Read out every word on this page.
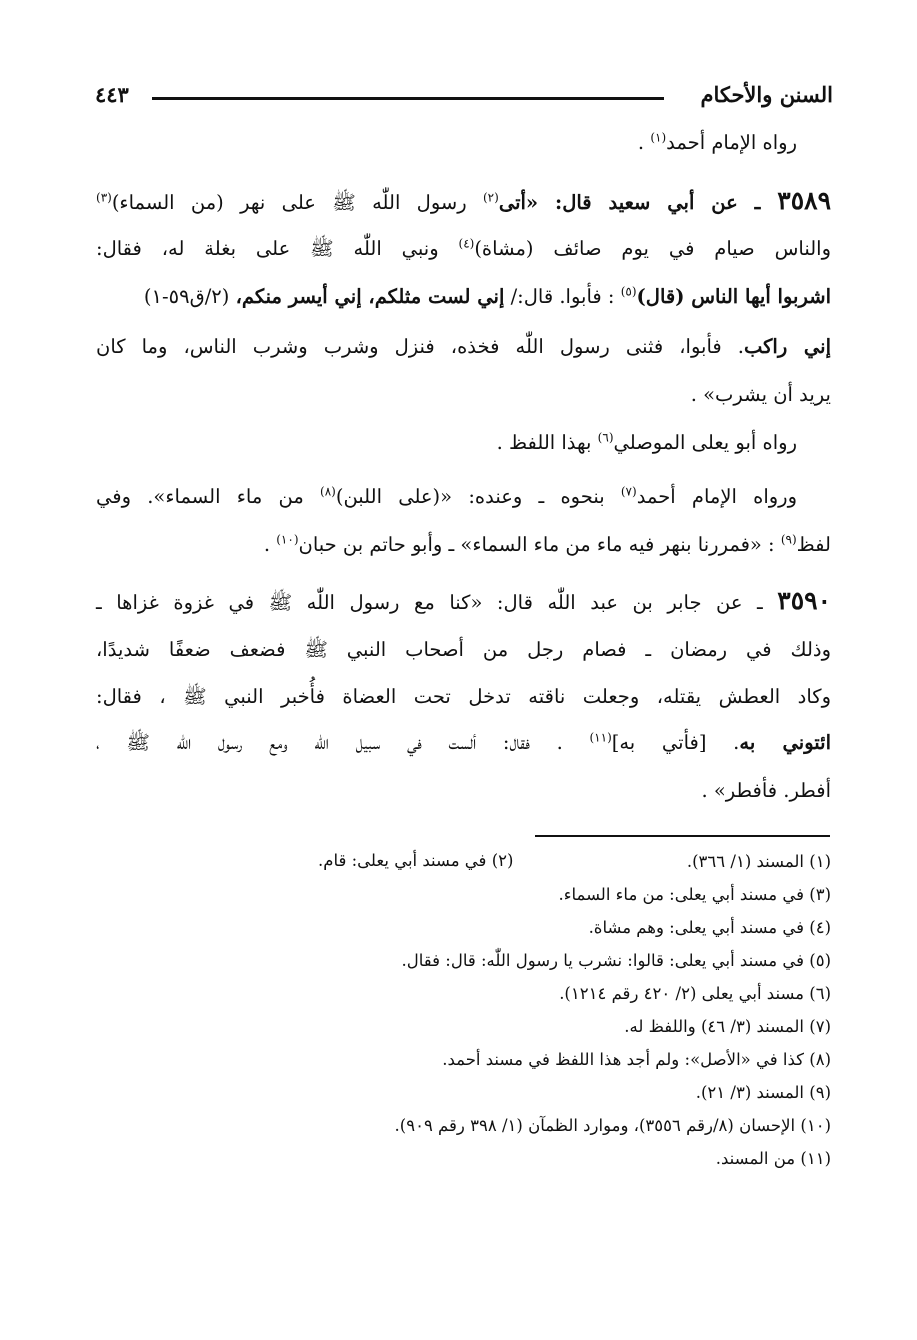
السنن والأحكام
٤٤٣
رواه الإمام أحمد$^{(١)}$ .
٣٥٨٩ ـ عن أبي سعيد قال: «أتى$^{(٢)}$ رسول اللّٰه ﷺ على نهر (من السماء)$^{(٣)}$
والناس صيام في يوم صائف (مشاة)$^{(٤)}$ ونبي اللّٰه ﷺ على بغلة له، فقال:
اشربوا أيها الناس (قال)$^{(٥)}$ : فأبوا. قال:/ إني لست مثلكم، إني أيسر منكم، (٢/ق٥٩-١)
إني راكب. فأبوا، فثنى رسول اللّٰه فخذه، فنزل وشرب وشرب الناس، وما كان
يريد أن يشرب» .
رواه أبو يعلى الموصلي$^{(٦)}$ بهذا اللفظ .
ورواه الإمام أحمد$^{(٧)}$ بنحوه ـ وعنده: «(على اللبن)$^{(٨)}$ من ماء السماء». وفي
لفظ$^{(٩)}$ : «فمررنا بنهر فيه ماء من ماء السماء» ـ وأبو حاتم بن حبان$^{(١٠)}$ .
٣٥٩٠ ـ عن جابر بن عبد اللّٰه قال: «كنا مع رسول اللّٰه ﷺ في غزوة غزاها ـ
وذلك في رمضان ـ فصام رجل من أصحاب النبي ﷺ فضعف ضعفًا شديدًا،
وكاد العطش يقتله، وجعلت ناقته تدخل تحت العضاة فأُخبر النبي ﷺ ، فقال:
ائتوني به. [فأتي به]$^{(١١)}$ . فقال: ألست في سبيل اللّٰه ومع رسول اللّٰه ﷺ ،
أفطر. فأفطر» .
(١) المسند (١/ ٣٦٦).
(٢) في مسند أبي يعلى: قام.
(٣) في مسند أبي يعلى: من ماء السماء.
(٤) في مسند أبي يعلى: وهم مشاة.
(٥) في مسند أبي يعلى: قالوا: نشرب يا رسول اللّٰه: قال: فقال.
(٦) مسند أبي يعلى (٢/ ٤٢٠ رقم ١٢١٤).
(٧) المسند (٣/ ٤٦) واللفظ له.
(٨) كذا في «الأصل»: ولم أجد هذا اللفظ في مسند أحمد.
(٩) المسند (٣/ ٢١).
(١٠) الإحسان (٨/رقم ٣٥٥٦)، وموارد الظمآن (١/ ٣٩٨ رقم ٩٠٩).
(١١) من المسند.
